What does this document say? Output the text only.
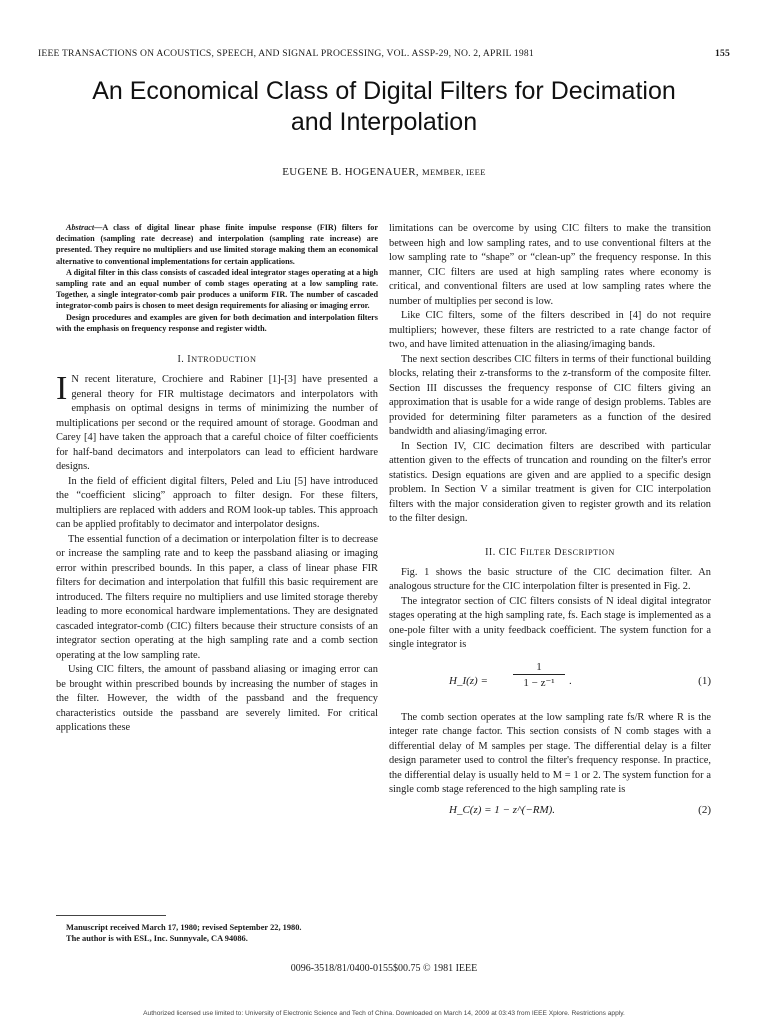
IEEE TRANSACTIONS ON ACOUSTICS, SPEECH, AND SIGNAL PROCESSING, VOL. ASSP-29, NO. 2, APRIL 1981	155
An Economical Class of Digital Filters for Decimation
and Interpolation
EUGENE B. HOGENAUER, MEMBER, IEEE

Abstract—A class of digital linear phase finite impulse response (FIR) filters for decimation (sampling rate decrease) and interpolation (sampling rate increase) are presented. They require no multipliers and use limited storage making them an economical alternative to conventional implementations for certain applications.

A digital filter in this class consists of cascaded ideal integrator stages operating at a high sampling rate and an equal number of comb stages operating at a low sampling rate. Together, a single integrator-comb pair produces a uniform FIR. The number of cascaded integrator-comb pairs is chosen to meet design requirements for aliasing or imaging error.

Design procedures and examples are given for both decimation and interpolation filters with the emphasis on frequency response and register width.

I. INTRODUCTION

I N recent literature, Crochiere and Rabiner [1]-[3] have presented a general theory for FIR multistage decimators and interpolators with emphasis on optimal designs in terms of minimizing the number of multiplications per second or the required amount of storage. Goodman and Carey [4] have taken the approach that a careful choice of filter coefficients for half-band decimators and interpolators can lead to efficient hardware designs.

In the field of efficient digital filters, Peled and Liu [5] have introduced the “coefficient slicing” approach to filter design. For these filters, multipliers are replaced with adders and ROM look-up tables. This approach can be applied profitably to decimator and interpolator designs.

The essential function of a decimation or interpolation filter is to decrease or increase the sampling rate and to keep the passband aliasing or imaging error within prescribed bounds. In this paper, a class of linear phase FIR filters for decimation and interpolation that fulfill this basic requirement are introduced. The filters require no multipliers and use limited storage thereby leading to more economical hardware implementations. They are designated cascaded integrator-comb (CIC) filters because their structure consists of an integrator section operating at the high sampling rate and a comb section operating at the low sampling rate.

Using CIC filters, the amount of passband aliasing or imaging error can be brought within prescribed bounds by increasing the number of stages in the filter. However, the width of the passband and the frequency characteristics outside the passband are severely limited. For critical applications these

limitations can be overcome by using CIC filters to make the transition between high and low sampling rates, and to use conventional filters at the low sampling rate to “shape” or “clean-up” the frequency response. In this manner, CIC filters are used at high sampling rates where economy is critical, and conventional filters are used at low sampling rates where the number of multiplies per second is low.

Like CIC filters, some of the filters described in [4] do not require multipliers; however, these filters are restricted to a rate change factor of two, and have limited attenuation in the aliasing/imaging bands.

The next section describes CIC filters in terms of their functional building blocks, relating their z-transforms to the z-transform of the composite filter. Section III discusses the frequency response of CIC filters giving an approximation that is usable for a wide range of design problems. Tables are provided for determining filter parameters as a function of the desired bandwidth and aliasing/imaging error.

In Section IV, CIC decimation filters are described with particular attention given to the effects of truncation and rounding on the filter's error statistics. Design equations are given and are applied to a specific design problem. In Section V a similar treatment is given for CIC interpolation filters with the major consideration given to register growth and its relation to the filter design.

II. CIC FILTER DESCRIPTION

Fig. 1 shows the basic structure of the CIC decimation filter. An analogous structure for the CIC interpolation filter is presented in Fig. 2.

The integrator section of CIC filters consists of N ideal digital integrator stages operating at the high sampling rate, fs. Each stage is implemented as a one-pole filter with a unity feedback coefficient. The system function for a single integrator is

H_I(z) = $\frac{1}{\text{1 − z⁻¹}}$ .	(1)

The comb section operates at the low sampling rate fs/R where R is the integer rate change factor. This section consists of N comb stages with a differential delay of M samples per stage. The differential delay is a filter design parameter used to control the filter's frequency response. In practice, the differential delay is usually held to M = 1 or 2. The system function for a single comb stage referenced to the high sampling rate is

H_C(z) = 1 − z^(−RM).	(2)
Manuscript received March 17, 1980; revised September 22, 1980.
The author is with ESL, Inc. Sunnyvale, CA 94086.
0096-3518/81/0400-0155$00.75 © 1981 IEEE
Authorized licensed use limited to: University of Electronic Science and Tech of China. Downloaded on March 14, 2009 at 03:43 from IEEE Xplore. Restrictions apply.
